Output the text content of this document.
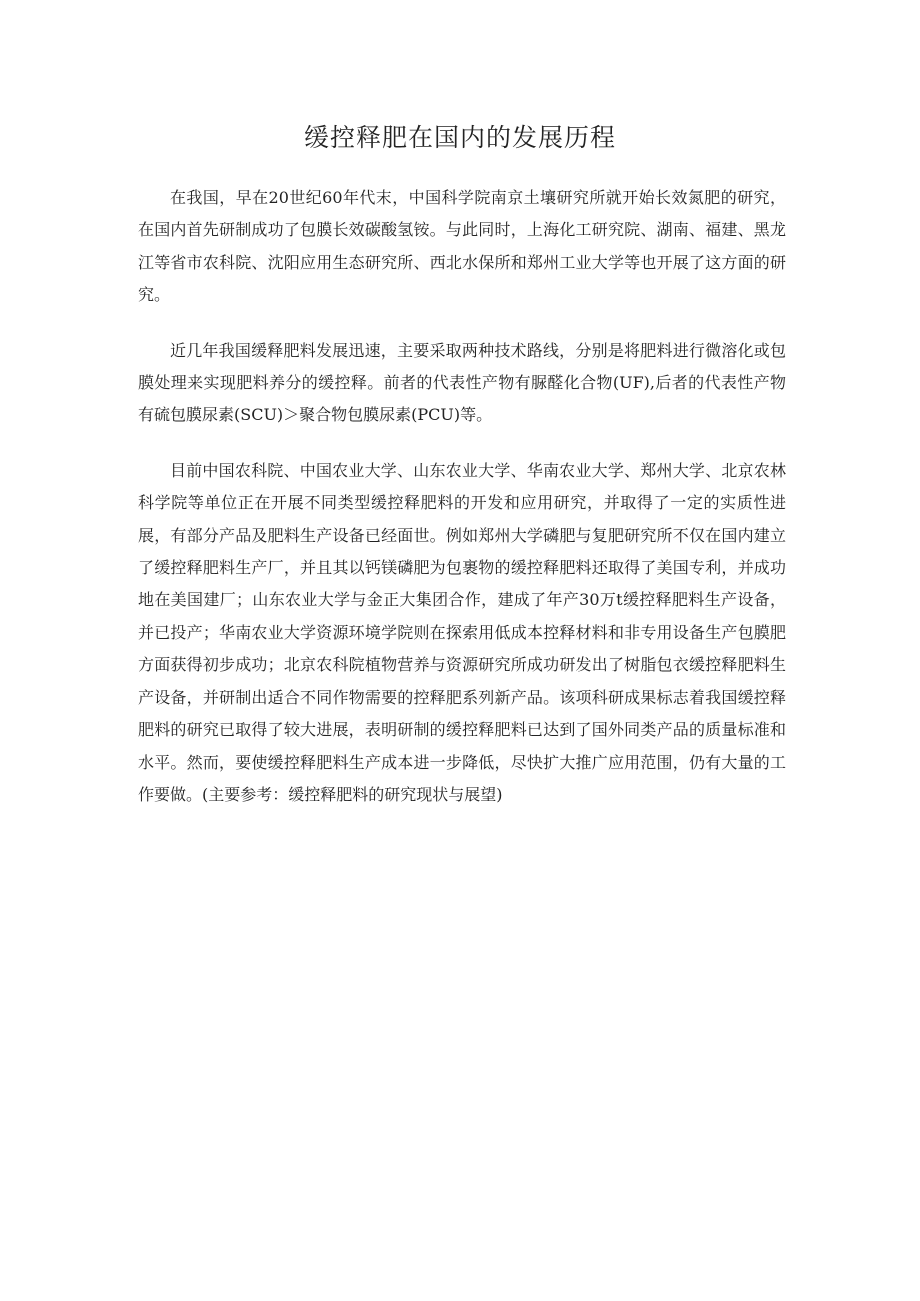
缓控释肥在国内的发展历程

在我国，早在20世纪60年代末，中国科学院南京土壤研究所就开始长效氮肥的研究，在国内首先研制成功了包膜长效碳酸氢铵。与此同时，上海化工研究院、湖南、福建、黑龙江等省市农科院、沈阳应用生态研究所、西北水保所和郑州工业大学等也开展了这方面的研究。

近几年我国缓释肥料发展迅速，主要采取两种技术路线，分别是将肥料进行微溶化或包膜处理来实现肥料养分的缓控释。前者的代表性产物有脲醛化合物(UF),后者的代表性产物有硫包膜尿素(SCU)＞聚合物包膜尿素(PCU)等。

目前中国农科院、中国农业大学、山东农业大学、华南农业大学、郑州大学、北京农林科学院等单位正在开展不同类型缓控释肥料的开发和应用研究，并取得了一定的实质性进展，有部分产品及肥料生产设备已经面世。例如郑州大学磷肥与复肥研究所不仅在国内建立了缓控释肥料生产厂，并且其以钙镁磷肥为包裹物的缓控释肥料还取得了美国专利，并成功地在美国建厂；山东农业大学与金正大集团合作，建成了年产30万t缓控释肥料生产设备，并已投产；华南农业大学资源环境学院则在探索用低成本控释材料和非专用设备生产包膜肥方面获得初步成功；北京农科院植物营养与资源研究所成功研发出了树脂包衣缓控释肥料生产设备，并研制出适合不同作物需要的控释肥系列新产品。该项科研成果标志着我国缓控释肥料的研究已取得了较大进展，表明研制的缓控释肥料已达到了国外同类产品的质量标准和水平。然而，要使缓控释肥料生产成本进一步降低，尽快扩大推广应用范围，仍有大量的工作要做。(主要参考：缓控释肥料的研究现状与展望)
